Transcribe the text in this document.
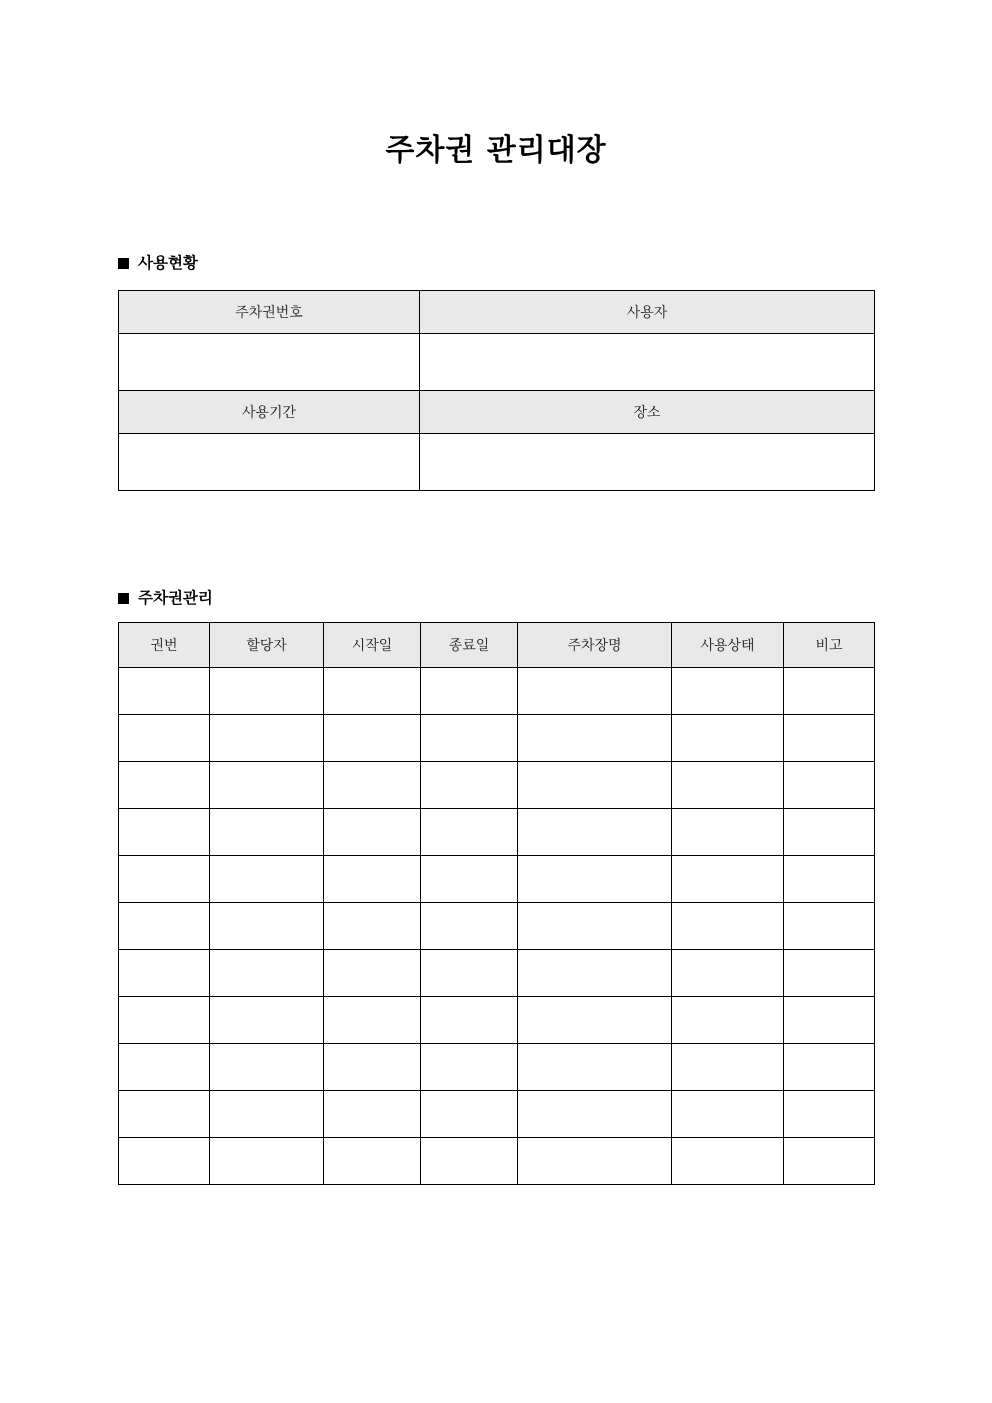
주차권 관리대장
사용현황
주차권번호	사용자

사용기간	장소

주차권관리
권번	할당자	시작일	종료일	주차장명	사용상태	비고
